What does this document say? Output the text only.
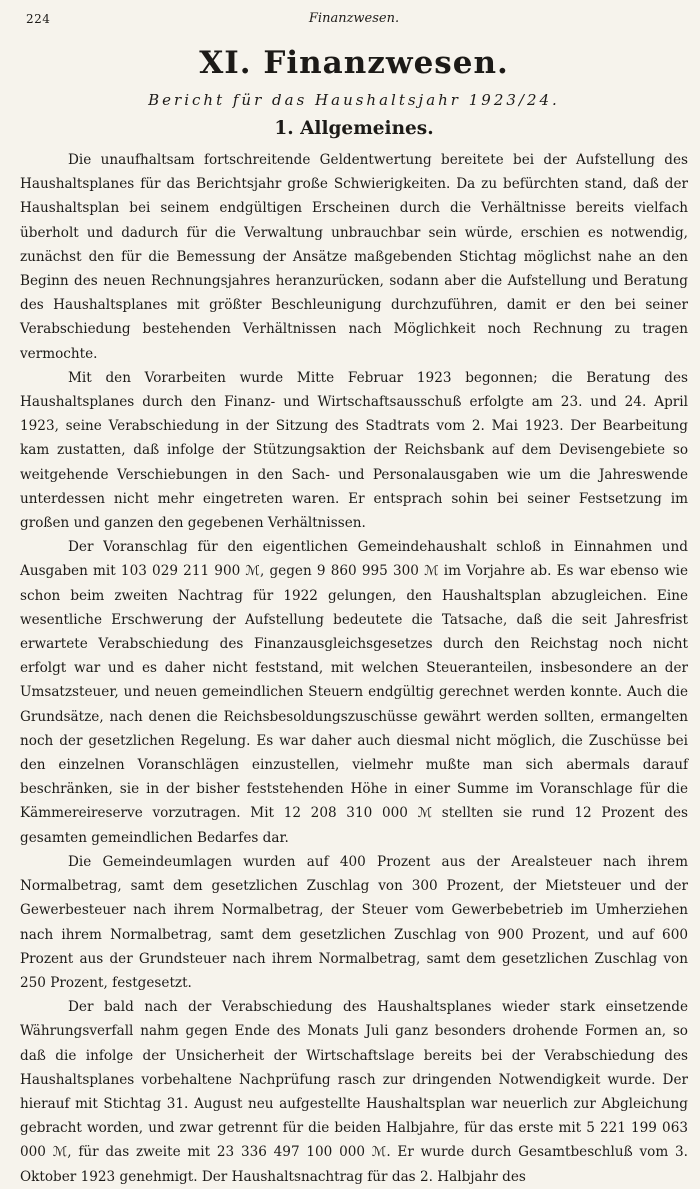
224	Finanzwesen.
XI. Finanzwesen.
Bericht für das Haushaltsjahr 1923/24.
1. Allgemeines.

Die unaufhaltsam fortschreitende Geldentwertung bereitete bei der Aufstellung des Haushaltsplanes für das Berichtsjahr große Schwierigkeiten. Da zu befürchten stand, daß der Haushaltsplan bei seinem endgültigen Erscheinen durch die Verhältnisse bereits vielfach überholt und dadurch für die Verwaltung unbrauchbar sein würde, erschien es notwendig, zunächst den für die Bemessung der Ansätze maßgebenden Stichtag möglichst nahe an den Beginn des neuen Rechnungsjahres heranzurücken, sodann aber die Aufstellung und Beratung des Haushaltsplanes mit größter Beschleunigung durchzuführen, damit er den bei seiner Verabschiedung bestehenden Verhältnissen nach Möglichkeit noch Rechnung zu tragen vermochte.

Mit den Vorarbeiten wurde Mitte Februar 1923 begonnen; die Beratung des Haushaltsplanes durch den Finanz- und Wirtschaftsausschuß erfolgte am 23. und 24. April 1923, seine Verabschiedung in der Sitzung des Stadtrats vom 2. Mai 1923. Der Bearbeitung kam zustatten, daß infolge der Stützungsaktion der Reichsbank auf dem Devisengebiete so weitgehende Verschiebungen in den Sach- und Personalausgaben wie um die Jahreswende unterdessen nicht mehr eingetreten waren. Er entsprach sohin bei seiner Festsetzung im großen und ganzen den gegebenen Verhältnissen.

Der Voranschlag für den eigentlichen Gemeindehaushalt schloß in Einnahmen und Ausgaben mit 103 029 211 900 ℳ, gegen 9 860 995 300 ℳ im Vorjahre ab. Es war ebenso wie schon beim zweiten Nachtrag für 1922 gelungen, den Haushaltsplan abzugleichen. Eine wesentliche Erschwerung der Aufstellung bedeutete die Tatsache, daß die seit Jahresfrist erwartete Verabschiedung des Finanzausgleichsgesetzes durch den Reichstag noch nicht erfolgt war und es daher nicht feststand, mit welchen Steueranteilen, insbesondere an der Umsatzsteuer, und neuen gemeindlichen Steuern endgültig gerechnet werden konnte. Auch die Grundsätze, nach denen die Reichsbesoldungszuschüsse gewährt werden sollten, ermangelten noch der gesetzlichen Regelung. Es war daher auch diesmal nicht möglich, die Zuschüsse bei den einzelnen Voranschlägen einzustellen, vielmehr mußte man sich abermals darauf beschränken, sie in der bisher feststehenden Höhe in einer Summe im Voranschlage für die Kämmereireserve vorzutragen. Mit 12 208 310 000 ℳ stellten sie rund 12 Prozent des gesamten gemeindlichen Bedarfes dar.

Die Gemeindeumlagen wurden auf 400 Prozent aus der Arealsteuer nach ihrem Normalbetrag, samt dem gesetzlichen Zuschlag von 300 Prozent, der Mietsteuer und der Gewerbesteuer nach ihrem Normalbetrag, der Steuer vom Gewerbebetrieb im Umherziehen nach ihrem Normalbetrag, samt dem gesetzlichen Zuschlag von 900 Prozent, und auf 600 Prozent aus der Grundsteuer nach ihrem Normalbetrag, samt dem gesetzlichen Zuschlag von 250 Prozent, festgesetzt.

Der bald nach der Verabschiedung des Haushaltsplanes wieder stark einsetzende Währungsverfall nahm gegen Ende des Monats Juli ganz besonders drohende Formen an, so daß die infolge der Unsicherheit der Wirtschaftslage bereits bei der Verabschiedung des Haushaltsplanes vorbehaltene Nachprüfung rasch zur dringenden Notwendigkeit wurde. Der hierauf mit Stichtag 31. August neu aufgestellte Haushaltsplan war neuerlich zur Abgleichung gebracht worden, und zwar getrennt für die beiden Halbjahre, für das erste mit 5 221 199 063 000 ℳ, für das zweite mit 23 336 497 100 000 ℳ. Er wurde durch Gesamtbeschluß vom 3. Oktober 1923 genehmigt. Der Haushaltsnachtrag für das 2. Halbjahr des
